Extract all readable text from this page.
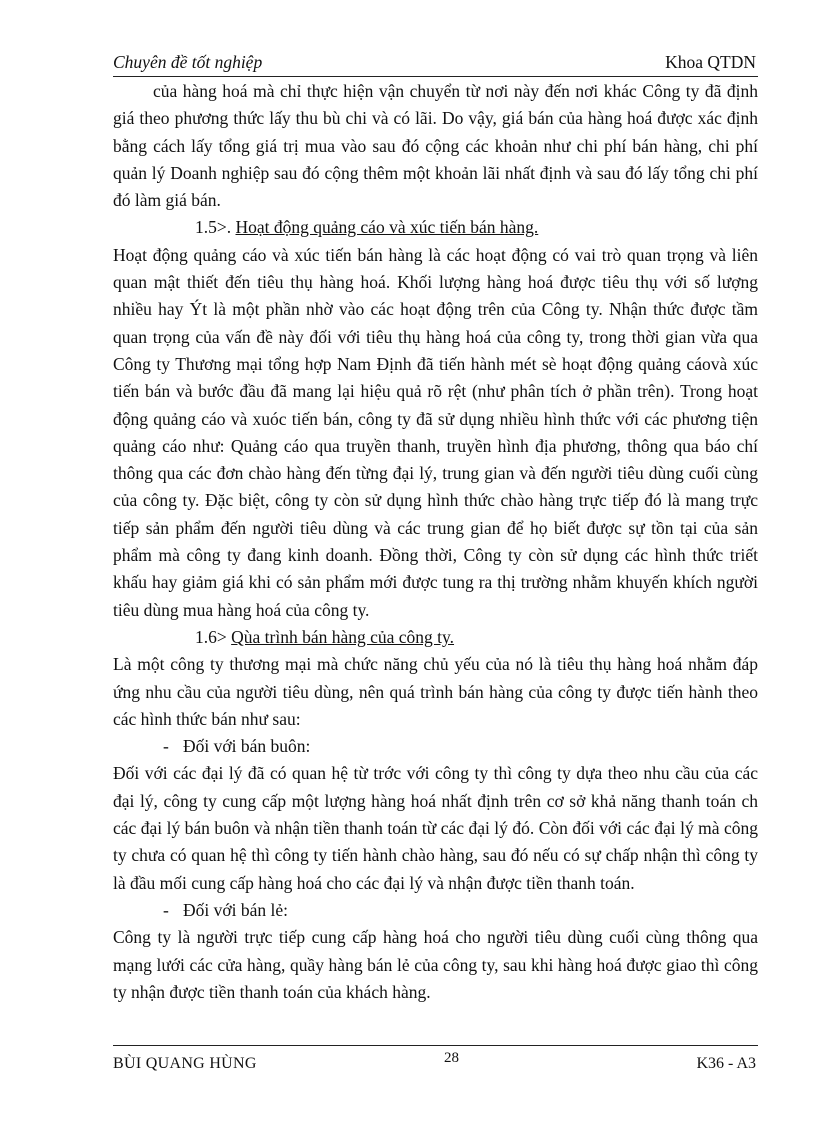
Chuyên đề tốt nghiệp	Khoa QTDN

của hàng hoá mà chỉ thực hiện vận chuyển từ nơi này đến nơi khác Công ty đã định giá theo phương thức lấy thu bù chi và có lãi. Do vậy, giá bán của hàng hoá được xác định bằng cách lấy tổng giá trị mua vào sau đó cộng các khoản như chi phí bán hàng, chi phí quản lý Doanh nghiệp sau đó cộng thêm một khoản lãi nhất định và sau đó lấy tổng chi phí đó làm giá bán.

1.5>. Hoạt động quảng cáo và xúc tiến bán hàng.

Hoạt động quảng cáo và xúc tiến bán hàng là các hoạt động có vai trò quan trọng và liên quan mật thiết đến tiêu thụ hàng hoá. Khối lượng hàng hoá được tiêu thụ với số lượng nhiều hay Ýt là một phần nhờ vào các hoạt động trên của Công ty. Nhận thức được tầm quan trọng của vấn đề này đối với tiêu thụ hàng hoá của công ty, trong thời gian vừa qua Công ty Thương mại tổng hợp Nam Định đã tiến hành mét sè hoạt động quảng cáovà xúc tiến bán và bước đầu đã mang lại hiệu quả rõ rệt (như phân tích ở phần trên). Trong hoạt động quảng cáo và xuóc tiến bán, công ty đã sử dụng nhiều hình thức với các phương tiện quảng cáo như: Quảng cáo qua truyền thanh, truyền hình địa phương, thông qua báo chí thông qua các đơn chào hàng đến từng đại lý, trung gian và đến người tiêu dùng cuối cùng của công ty. Đặc biệt, công ty còn sử dụng hình thức chào hàng trực tiếp đó là mang trực tiếp sản phẩm đến người tiêu dùng và các trung gian để họ biết được sự tồn tại của sản phẩm mà công ty đang kinh doanh. Đồng thời, Công ty còn sử dụng các hình thức triết khấu hay giảm giá khi có sản phẩm mới được tung ra thị trường nhằm khuyến khích người tiêu dùng mua hàng hoá của công ty.

1.6> Qùa trình bán hàng của công ty.

Là một công ty thương mại mà chức năng chủ yếu của nó là tiêu thụ hàng hoá nhằm đáp ứng nhu cầu của người tiêu dùng, nên quá trình bán hàng của công ty được tiến hành theo các hình thức bán như sau:

- Đối với bán buôn:

Đối với các đại lý đã có quan hệ từ trớc với công ty thì công ty dựa theo nhu cầu của các đại lý, công ty cung cấp một lượng hàng hoá nhất định trên cơ sở khả năng thanh toán ch các đại lý bán buôn và nhận tiền thanh toán từ các đại lý đó. Còn đối với các đại lý mà công ty chưa có quan hệ thì công ty tiến hành chào hàng, sau đó nếu có sự chấp nhận thì công ty là đầu mối cung cấp hàng hoá cho các đại lý và nhận được tiền thanh toán.

- Đối với bán lẻ:

Công ty là người trực tiếp cung cấp hàng hoá cho người tiêu dùng cuối cùng thông qua mạng lưới các cửa hàng, quầy hàng bán lẻ của công ty, sau khi hàng hoá được giao thì công ty nhận được tiền thanh toán của khách hàng.

BÙI QUANG HÙNG	28	K36 - A3
